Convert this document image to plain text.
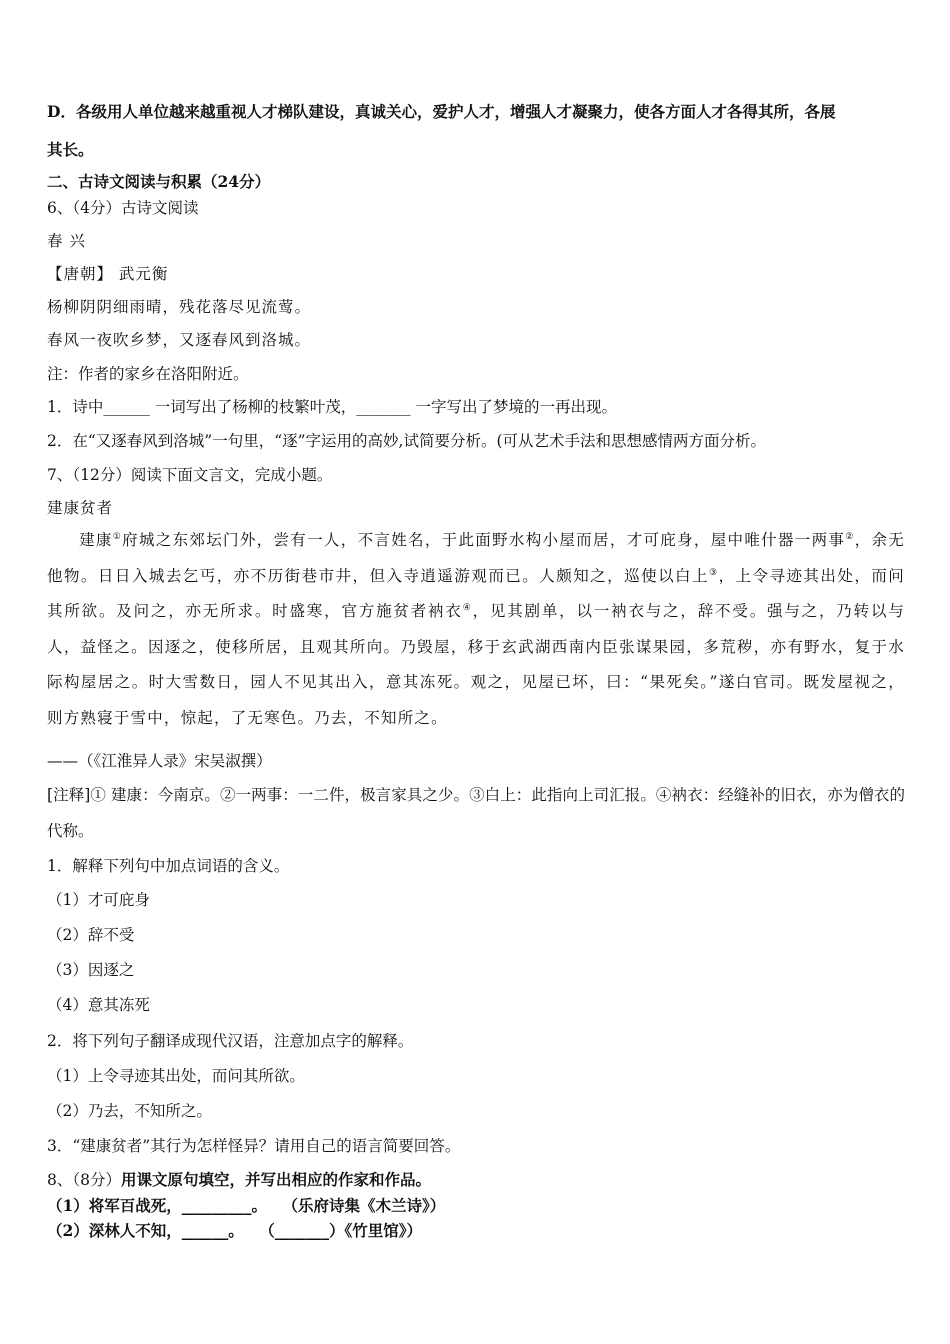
D．各级用人单位越来越重视人才梯队建设，真诚关心，爱护人才，增强人才凝聚力，使各方面人才各得其所，各展
其长。
二、古诗文阅读与积累（24分）
6、（4分）古诗文阅读
春 兴
【唐朝】 武元衡
杨柳阴阴细雨晴，残花落尽见流莺。
春风一夜吹乡梦，又逐春风到洛城。
注：作者的家乡在洛阳附近。
1．诗中______ 一词写出了杨柳的枝繁叶茂，_______ 一字写出了梦境的一再出现。
2．在“又逐春风到洛城”一句里，“逐”字运用的高妙,试简要分析。(可从艺术手法和思想感情两方面分析。
7、（12分）阅读下面文言文，完成小题。
建康贫者
建康①府城之东郊坛门外，尝有一人，不言姓名，于此面野水构小屋而居，才可庇身，屋中唯什器一两事②，余无他物。日日入城去乞丐，亦不历街巷市井，但入寺逍遥游观而已。人颇知之，巡使以白上③，上令寻迹其出处，而问其所欲。及问之，亦无所求。时盛寒，官方施贫者衲衣④，见其剧单，以一衲衣与之，辞不受。强与之，乃转以与人，益怪之。因逐之，使移所居，且观其所向。乃毁屋，移于玄武湖西南内臣张谋果园，多荒秽，亦有野水，复于水际构屋居之。时大雪数日，园人不见其出入，意其冻死。观之，见屋已坏，曰：“果死矣。”遂白官司。既发屋视之，则方熟寝于雪中，惊起，了无寒色。乃去，不知所之。
——（《江淮异人录》宋吴淑撰）
[注释]① 建康：今南京。②一两事：一二件，极言家具之少。③白上：此指向上司汇报。④衲衣：经缝补的旧衣，亦为僧衣的代称。
1．解释下列句中加点词语的含义。
（1）才可庇身
（2）辞不受
（3）因逐之
（4）意其冻死
2．将下列句子翻译成现代汉语，注意加点字的解释。
（1）上令寻迹其出处，而问其所欲。
（2）乃去，不知所之。
3．“建康贫者”其行为怎样怪异？请用自己的语言简要回答。
8、（8分）用课文原句填空，并写出相应的作家和作品。
（1）将军百战死，_________。　　（乐府诗集《木兰诗》）
（2）深林人不知，______。　　（_______）《竹里馆》）
